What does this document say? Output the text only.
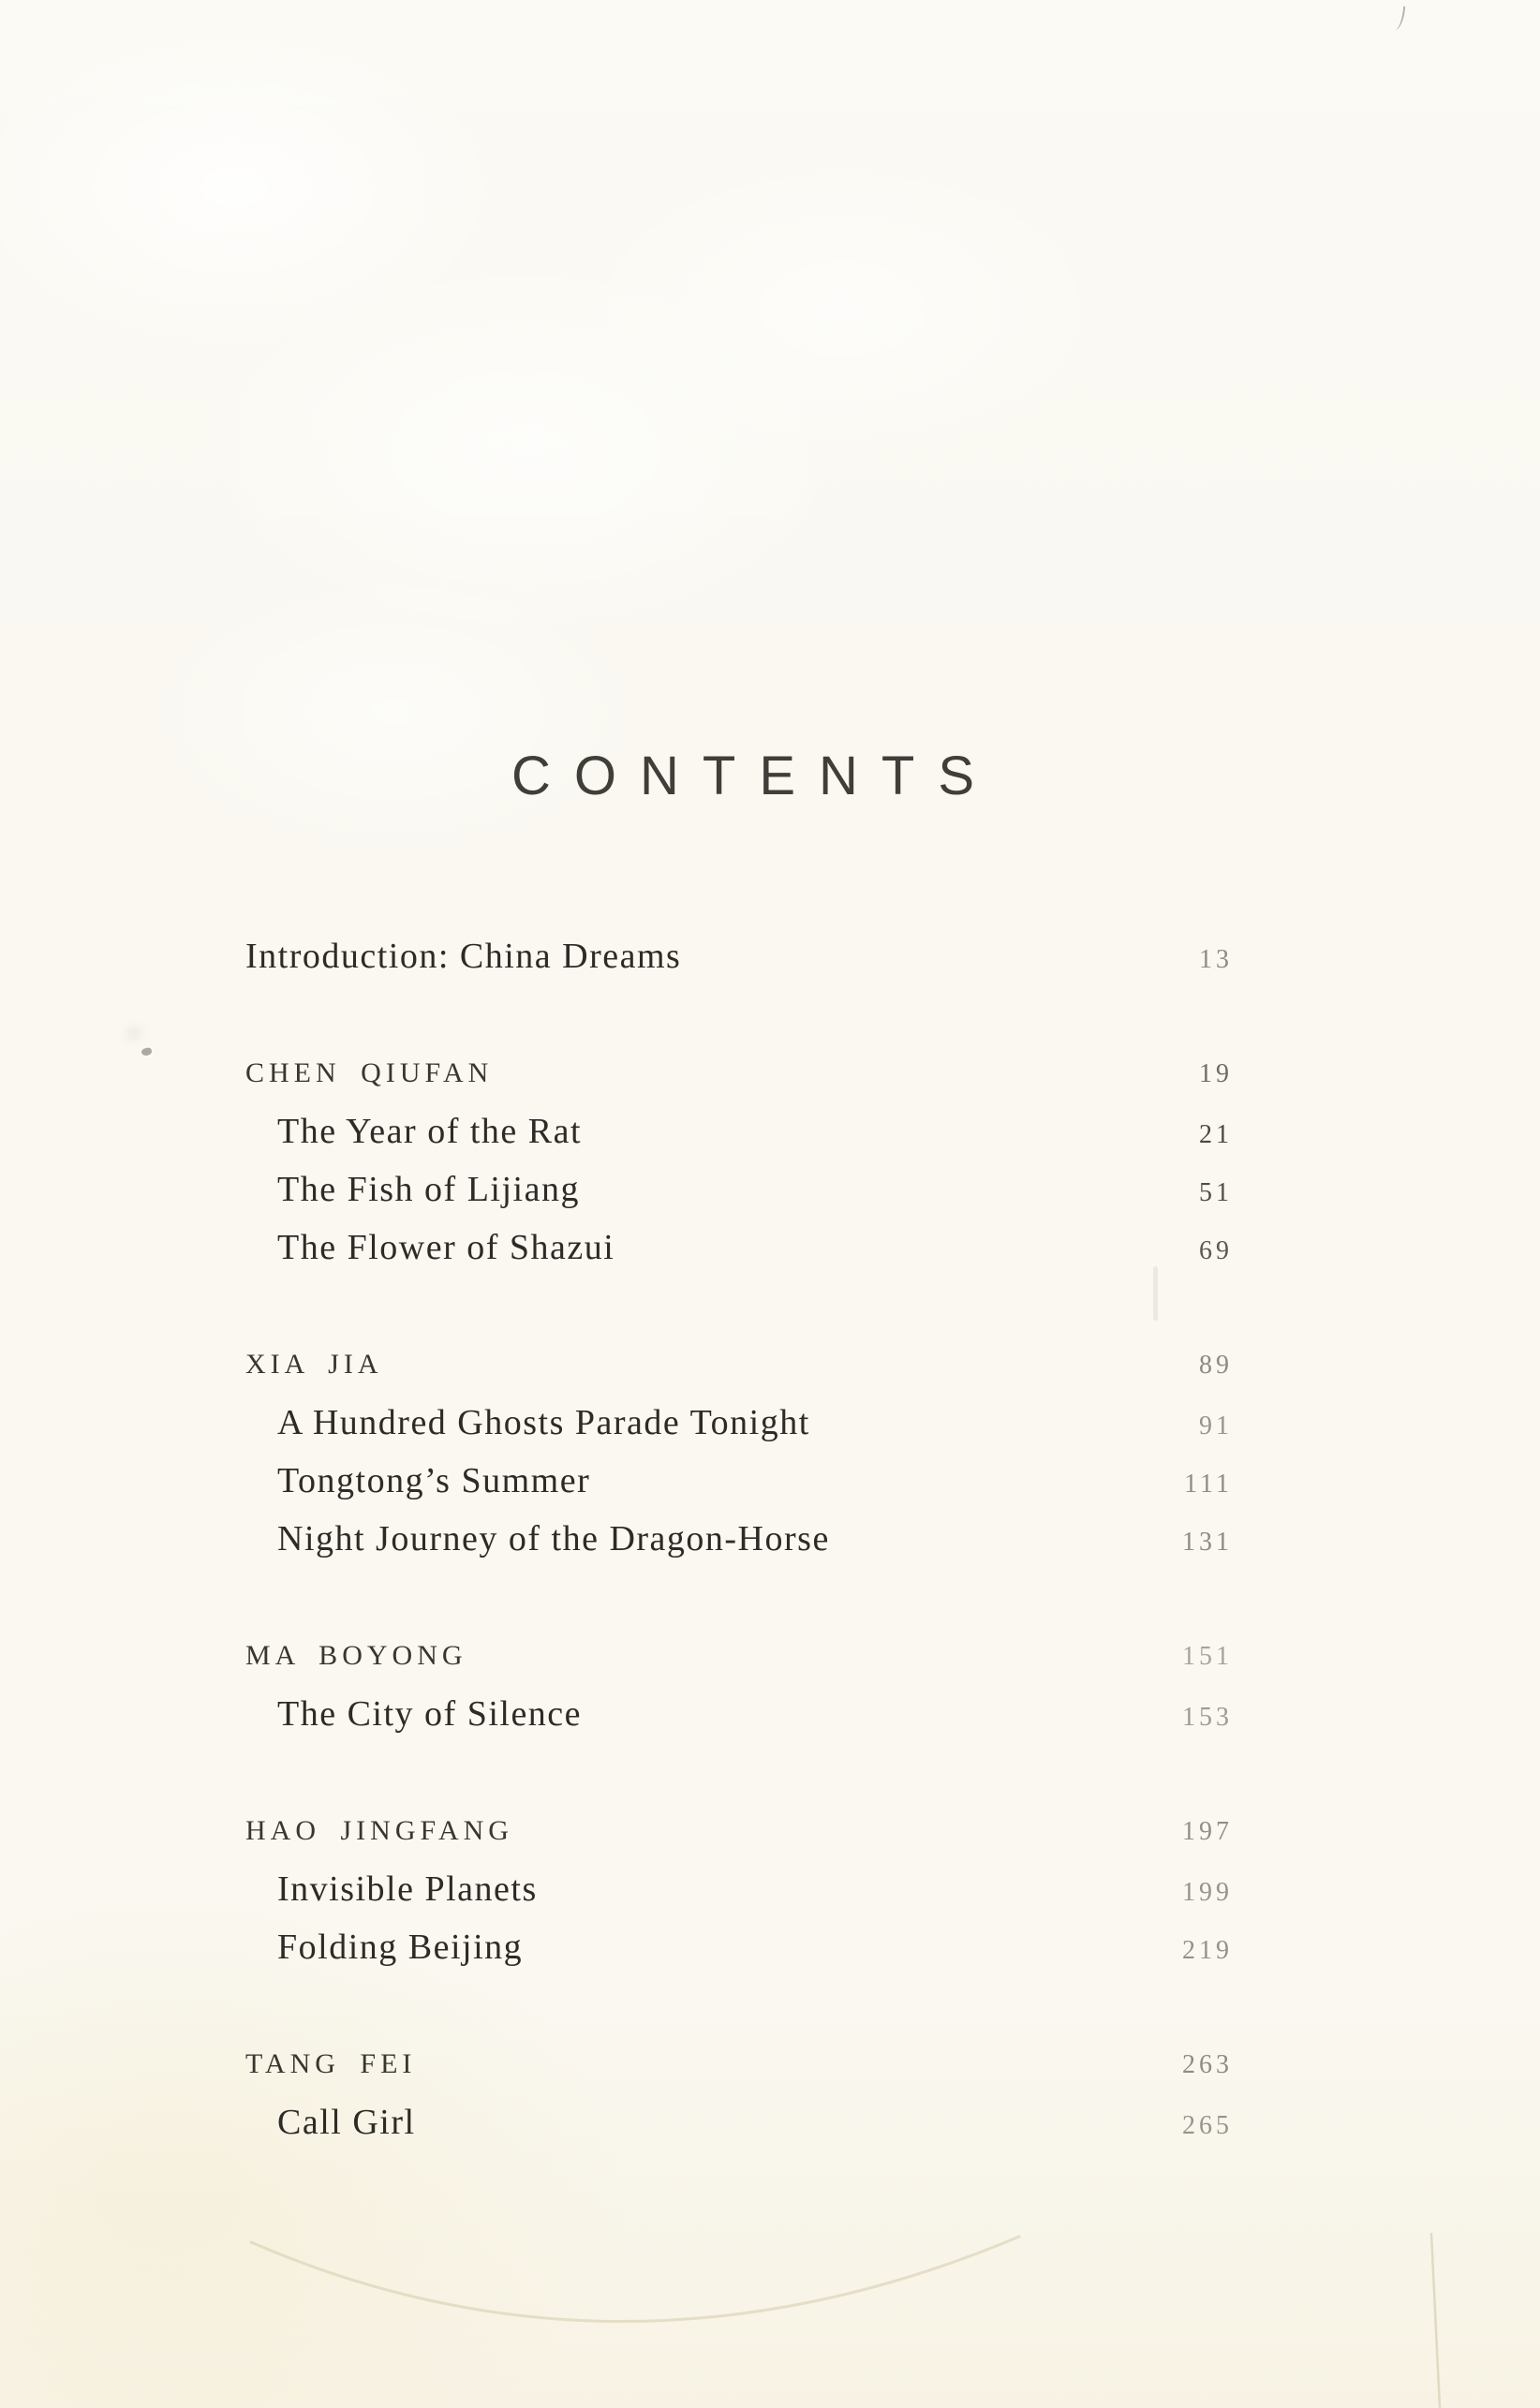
CONTENTS
Introduction: China Dreams	13
CHEN QIUFAN	19
The Year of the Rat	21
The Fish of Lijiang	51
The Flower of Shazui	69
XIA JIA	89
A Hundred Ghosts Parade Tonight	91
Tongtong’s Summer	111
Night Journey of the Dragon-Horse	131
MA BOYONG	151
The City of Silence	153
HAO JINGFANG	197
Invisible Planets	199
Folding Beijing	219
TANG FEI	263
Call Girl	265
